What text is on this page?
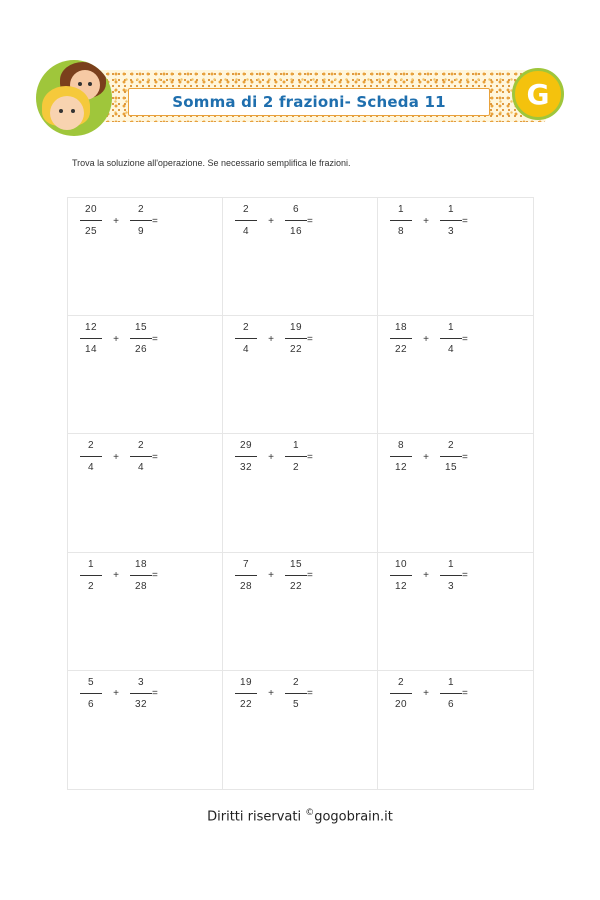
Somma di 2 frazioni- Scheda 11	G
Trova la soluzione all'operazione. Se necessario semplifica le frazioni.
$\frac{20}{25} + \frac{2}{9}$
=	$\frac{2}{4} + \frac{6}{16}$
=	$\frac{1}{8} + \frac{1}{3}$
=
$\frac{12}{14} + \frac{15}{26}$
=	$\frac{2}{4} + \frac{19}{22}$
=	$\frac{18}{22} + \frac{1}{4}$
=
$\frac{2}{4} + \frac{2}{4}$
=	$\frac{29}{32} + \frac{1}{2}$
=	$\frac{8}{12} + \frac{2}{15}$
=
$\frac{1}{2} + \frac{18}{28}$
=	$\frac{7}{28} + \frac{15}{22}$
=	$\frac{10}{12} + \frac{1}{3}$
=
$\frac{5}{6} + \frac{3}{32}$
=	$\frac{19}{22} + \frac{2}{5}$
=	$\frac{2}{20} + \frac{1}{6}$
=
Diritti riservati ©gogobrain.it
